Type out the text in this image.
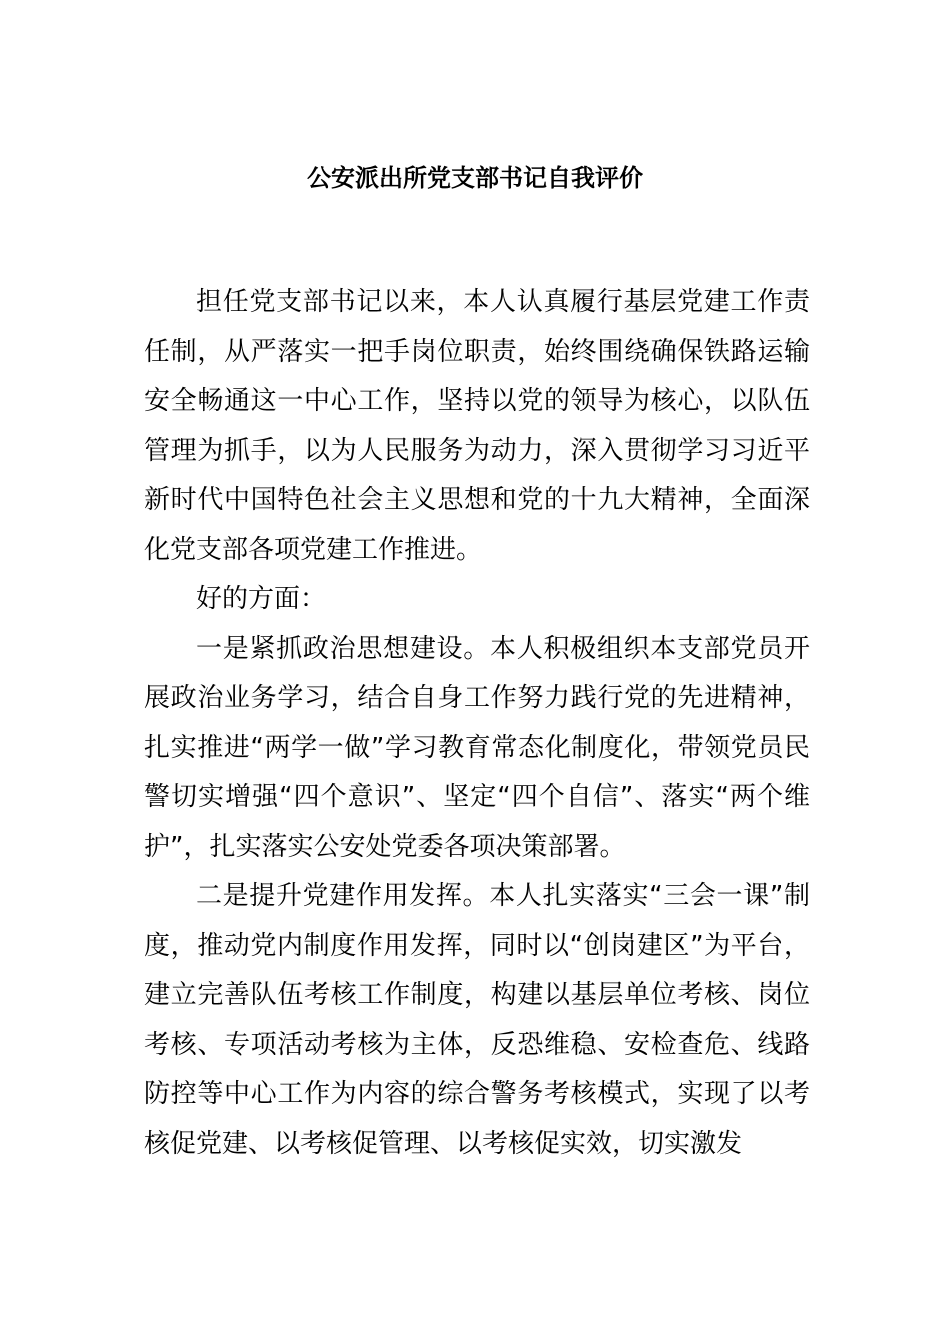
公安派出所党支部书记自我评价

担任党支部书记以来，本人认真履行基层党建工作责任制，从严落实一把手岗位职责，始终围绕确保铁路运输安全畅通这一中心工作，坚持以党的领导为核心，以队伍管理为抓手，以为人民服务为动力，深入贯彻学习习近平新时代中国特色社会主义思想和党的十九大精神，全面深化党支部各项党建工作推进。

好的方面：

一是紧抓政治思想建设。本人积极组织本支部党员开展政治业务学习，结合自身工作努力践行党的先进精神，扎实推进“两学一做”学习教育常态化制度化，带领党员民警切实增强“四个意识”、坚定“四个自信”、落实“两个维护”，扎实落实公安处党委各项决策部署。

二是提升党建作用发挥。本人扎实落实“三会一课”制度，推动党内制度作用发挥，同时以“创岗建区”为平台，建立完善队伍考核工作制度，构建以基层单位考核、岗位考核、专项活动考核为主体，反恐维稳、安检查危、线路防控等中心工作为内容的综合警务考核模式，实现了以考核促党建、以考核促管理、以考核促实效，切实激发
